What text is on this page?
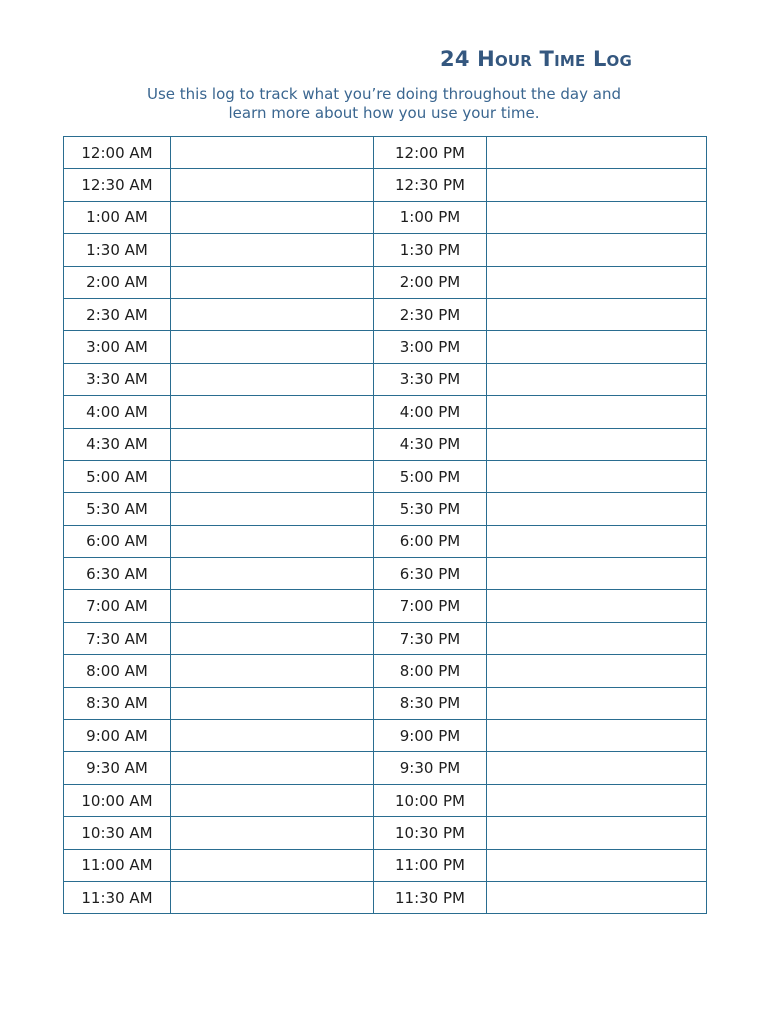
24 Hour Time Log

Use this log to track what you’re doing throughout the day and
learn more about how you use your time.

12:00 AM		12:00 PM	
12:30 AM		12:30 PM	
1:00 AM		1:00 PM	
1:30 AM		1:30 PM	
2:00 AM		2:00 PM	
2:30 AM		2:30 PM	
3:00 AM		3:00 PM	
3:30 AM		3:30 PM	
4:00 AM		4:00 PM	
4:30 AM		4:30 PM	
5:00 AM		5:00 PM	
5:30 AM		5:30 PM	
6:00 AM		6:00 PM	
6:30 AM		6:30 PM	
7:00 AM		7:00 PM	
7:30 AM		7:30 PM	
8:00 AM		8:00 PM	
8:30 AM		8:30 PM	
9:00 AM		9:00 PM	
9:30 AM		9:30 PM	
10:00 AM		10:00 PM	
10:30 AM		10:30 PM	
11:00 AM		11:00 PM	
11:30 AM		11:30 PM	
